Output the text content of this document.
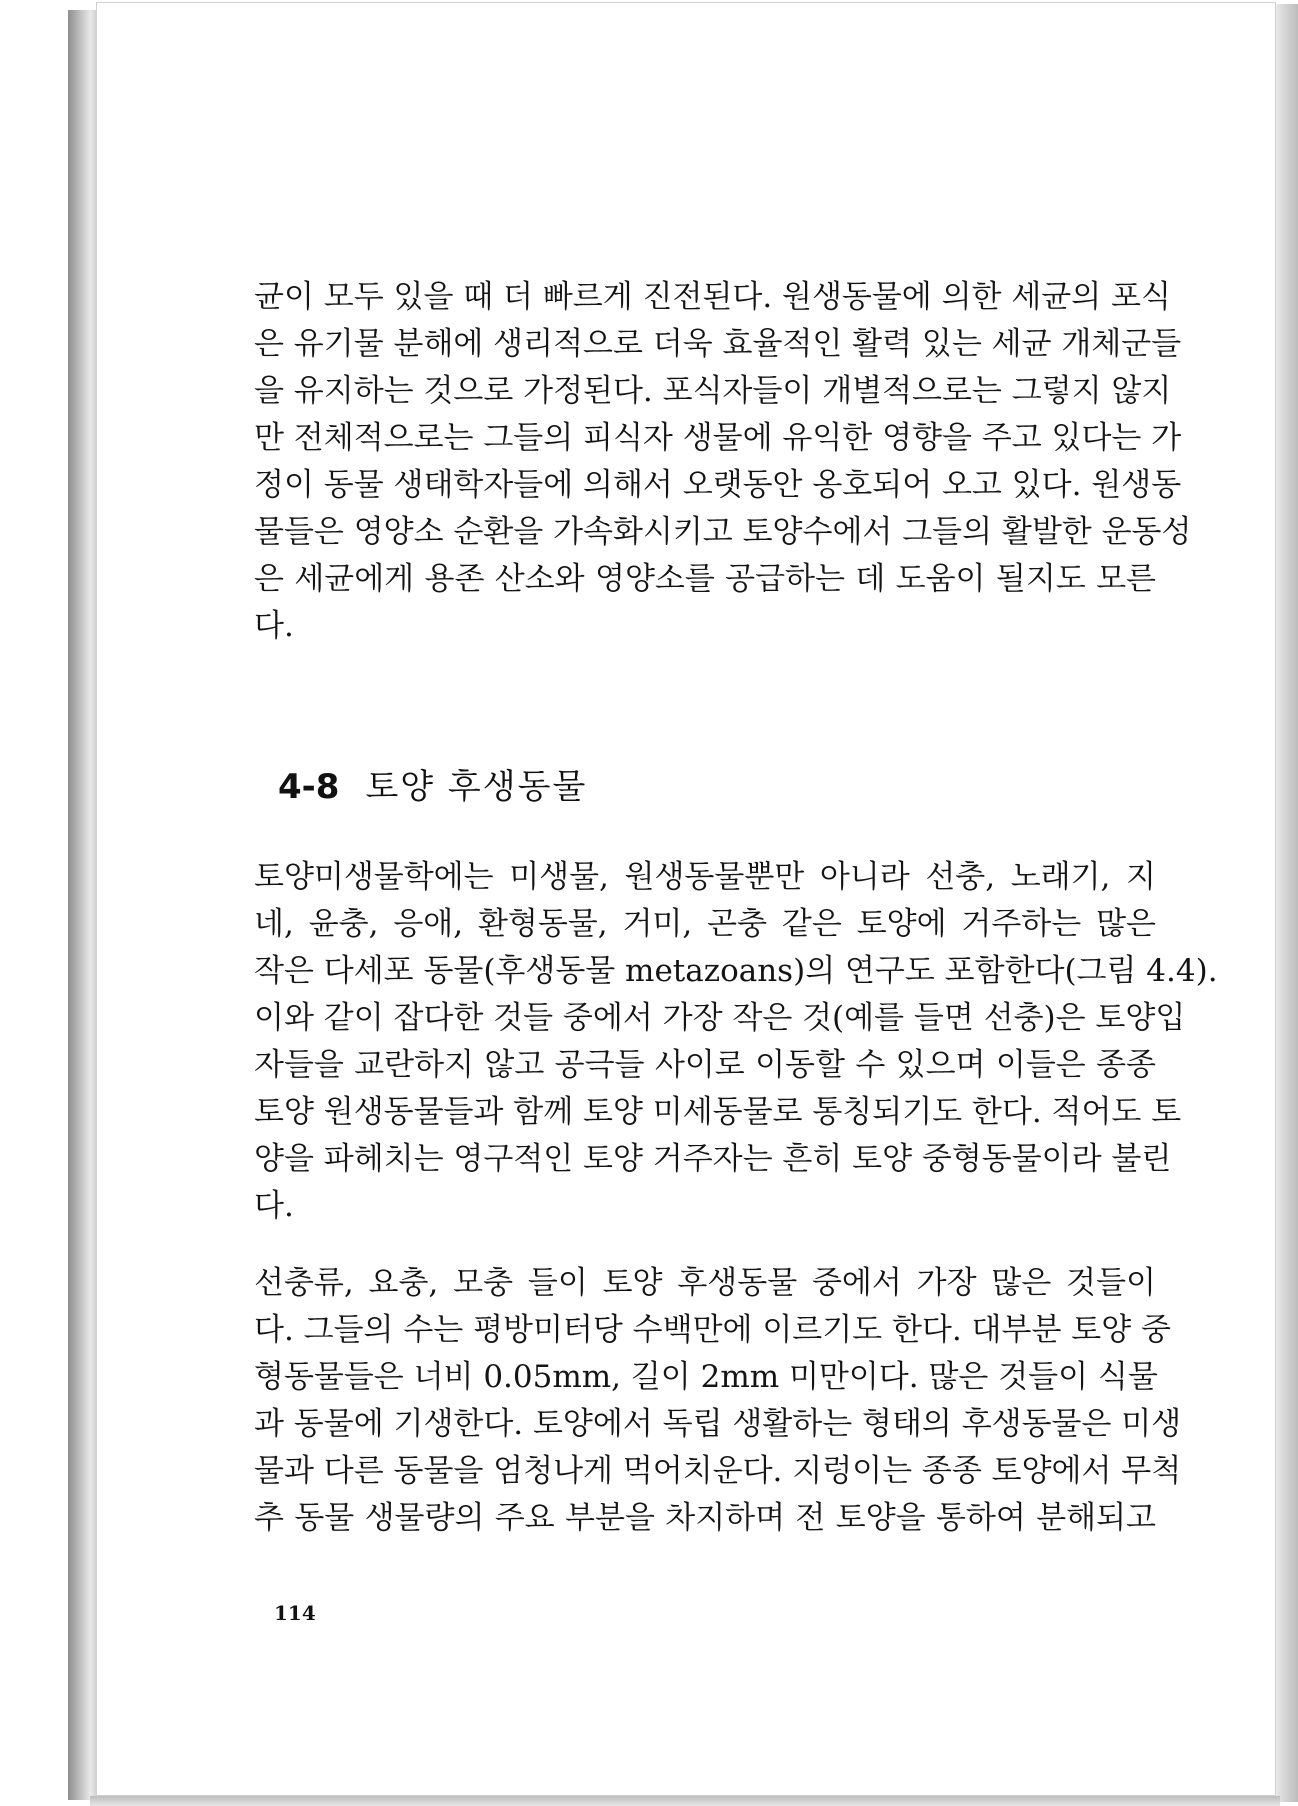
균이 모두 있을 때 더 빠르게 진전된다. 원생동물에 의한 세균의 포식
은 유기물 분해에 생리적으로 더욱 효율적인 활력 있는 세균 개체군들
을 유지하는 것으로 가정된다. 포식자들이 개별적으로는 그렇지 않지
만 전체적으로는 그들의 피식자 생물에 유익한 영향을 주고 있다는 가
정이 동물 생태학자들에 의해서 오랫동안 옹호되어 오고 있다. 원생동
물들은 영양소 순환을 가속화시키고 토양수에서 그들의 활발한 운동성
은 세균에게 용존 산소와 영양소를 공급하는 데 도움이 될지도 모른
다.
4-8 토양 후생동물
토양미생물학에는 미생물, 원생동물뿐만 아니라 선충, 노래기, 지
네, 윤충, 응애, 환형동물, 거미, 곤충 같은 토양에 거주하는 많은
작은 다세포 동물(후생동물 metazoans)의 연구도 포함한다(그림 4.4).
이와 같이 잡다한 것들 중에서 가장 작은 것(예를 들면 선충)은 토양입
자들을 교란하지 않고 공극들 사이로 이동할 수 있으며 이들은 종종
토양 원생동물들과 함께 토양 미세동물로 통칭되기도 한다. 적어도 토
양을 파헤치는 영구적인 토양 거주자는 흔히 토양 중형동물이라 불린
다.
선충류, 요충, 모충 들이 토양 후생동물 중에서 가장 많은 것들이
다. 그들의 수는 평방미터당 수백만에 이르기도 한다. 대부분 토양 중
형동물들은 너비 0.05mm, 길이 2mm 미만이다. 많은 것들이 식물
과 동물에 기생한다. 토양에서 독립 생활하는 형태의 후생동물은 미생
물과 다른 동물을 엄청나게 먹어치운다. 지렁이는 종종 토양에서 무척
추 동물 생물량의 주요 부분을 차지하며 전 토양을 통하여 분해되고
114
